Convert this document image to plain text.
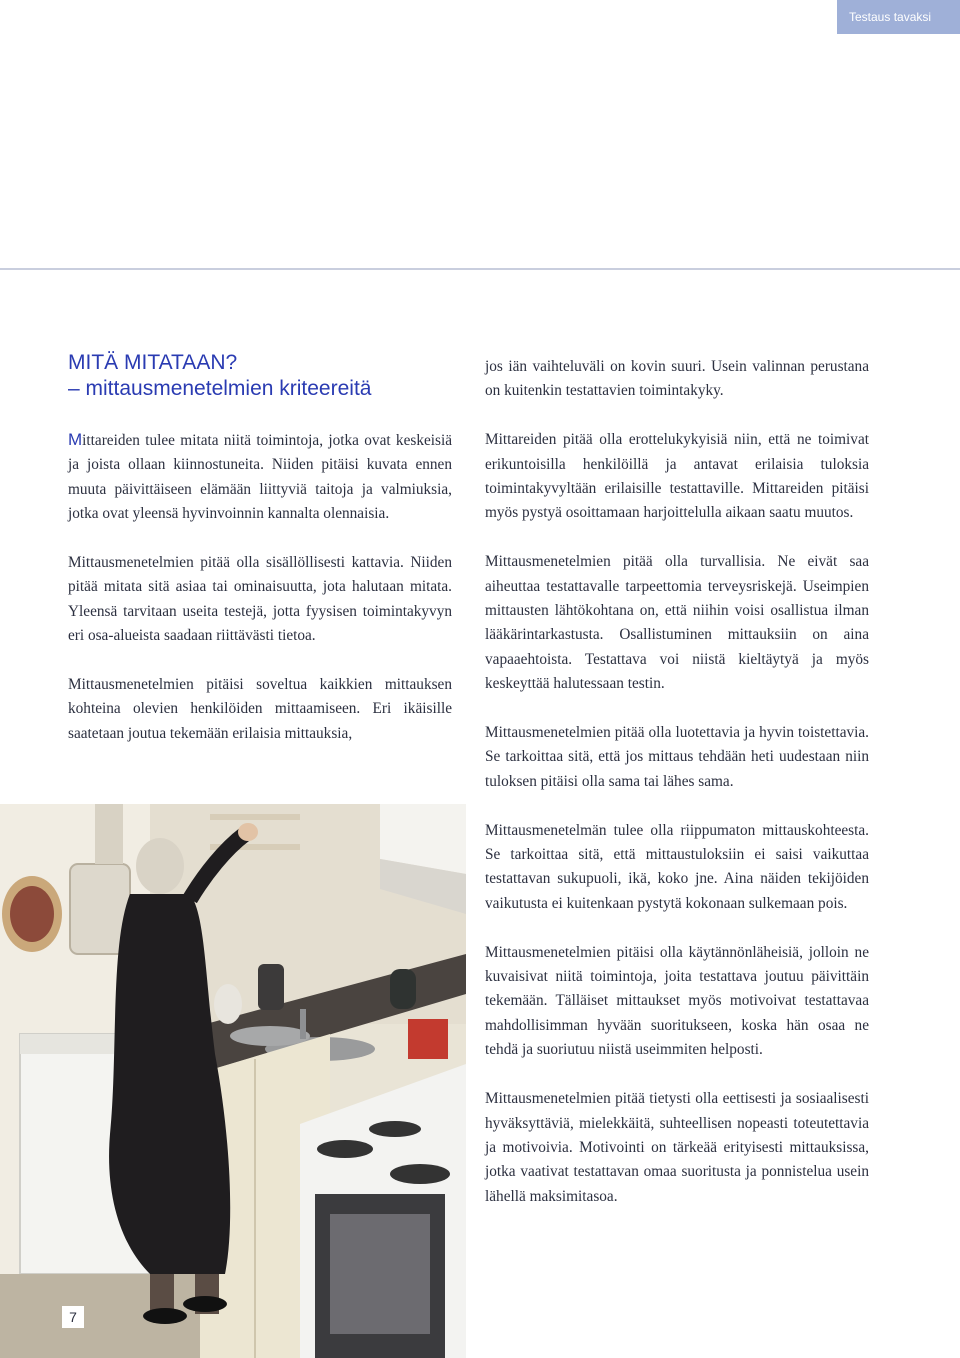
Testaus tavaksi
MITÄ MITATAAN?
– mittausmenetelmien kriteereitä

Mittareiden tulee mitata niitä toimintoja, jotka ovat keskeisiä ja joista ollaan kiinnostuneita. Niiden pitäisi kuvata ennen muuta päivittäiseen elämään liittyviä taitoja ja valmiuksia, jotka ovat yleensä hyvinvoinnin kannalta olennaisia.

Mittausmenetelmien pitää olla sisällöllisesti kattavia. Niiden pitää mitata sitä asiaa tai ominaisuutta, jota halutaan mitata. Yleensä tarvitaan useita testejä, jotta fyysisen toimintakyvyn eri osa-alueista saadaan riittävästi tietoa.

Mittausmenetelmien pitäisi soveltua kaikkien mittauksen kohteina olevien henkilöiden mittaamiseen. Eri ikäisille saatetaan joutua tekemään erilaisia mittauksia,

jos iän vaihteluväli on kovin suuri. Usein valinnan perustana on kuitenkin testattavien toimintakyky.

Mittareiden pitää olla erottelukykyisiä niin, että ne toimivat erikuntoisilla henkilöillä ja antavat erilaisia tuloksia toimintakyvyltään erilaisille testattaville. Mittareiden pitäisi myös pystyä osoittamaan harjoittelulla aikaan saatu muutos.

Mittausmenetelmien pitää olla turvallisia. Ne eivät saa aiheuttaa testattavalle tarpeettomia terveysriskejä. Useimpien mittausten lähtökohtana on, että niihin voisi osallistua ilman lääkärintarkastusta. Osallistuminen mittauksiin on aina vapaaehtoista. Testattava voi niistä kieltäytyä ja myös keskeyttää halutessaan testin.

Mittausmenetelmien pitää olla luotettavia ja hyvin toistettavia. Se tarkoittaa sitä, että jos mittaus tehdään heti uudestaan niin tuloksen pitäisi olla sama tai lähes sama.

Mittausmenetelmän tulee olla riippumaton mittauskohteesta. Se tarkoittaa sitä, että mittaustuloksiin ei saisi vaikuttaa testattavan sukupuoli, ikä, koko jne. Aina näiden tekijöiden vaikutusta ei kuitenkaan pystytä kokonaan sulkemaan pois.

Mittausmenetelmien pitäisi olla käytännönläheisiä, jolloin ne kuvaisivat niitä toimintoja, joita testattava joutuu päivittäin tekemään. Tälläiset mittaukset myös motivoivat testattavaa mahdollisimman hyvään suoritukseen, koska hän osaa ne tehdä ja suoriutuu niistä useimmiten helposti.

Mittausmenetelmien pitää tietysti olla eettisesti ja sosiaalisesti hyväksyttäviä, mielekkäitä, suhteellisen nopeasti toteutettavia ja motivoivia. Motivointi on tärkeää erityisesti mittauksissa, jotka vaativat testattavan omaa suoritusta ja ponnistelua usein lähellä maksimitasoa.

7
